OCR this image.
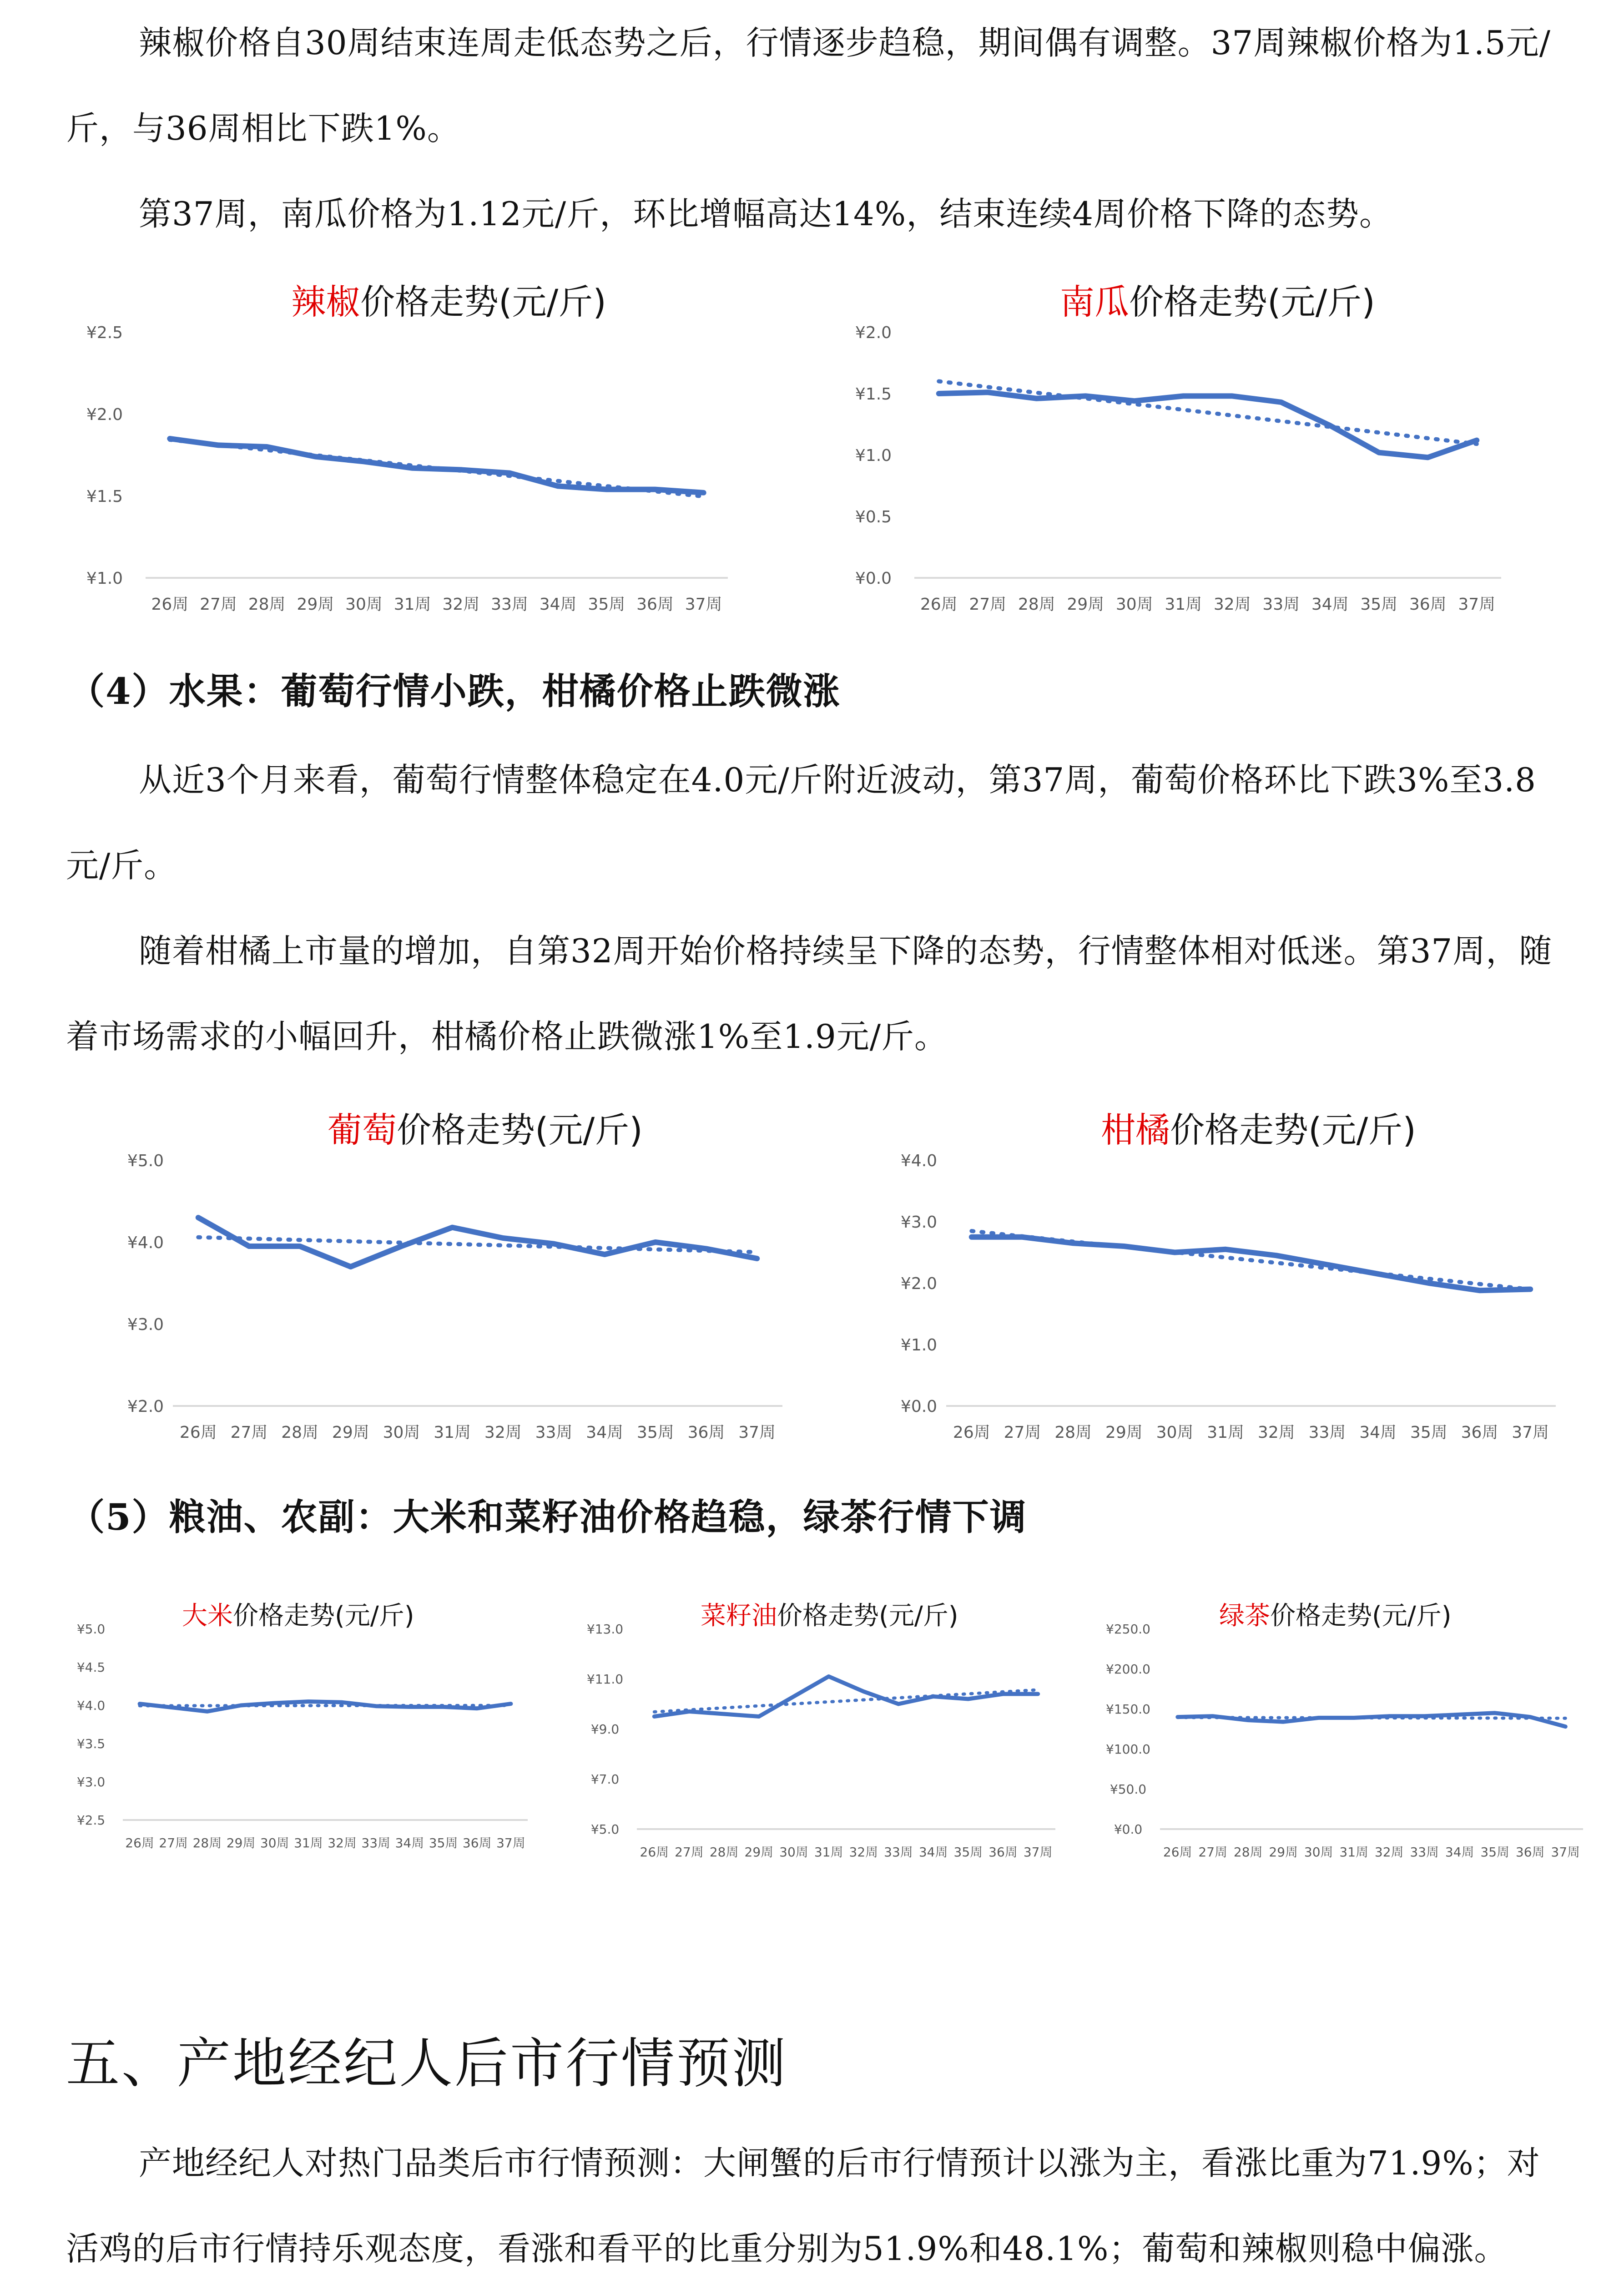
辣椒价格自30周结束连周走低态势之后，行情逐步趋稳，期间偶有调整。37周辣椒价格为1.5元/斤，与36周相比下跌1%。

第37周，南瓜价格为1.12元/斤，环比增幅高达14%，结束连续4周价格下降的态势。

辣椒价格走势(元/斤)
¥2.5
¥2.0
¥1.5
¥1.0
26周 27周 28周 29周 30周 31周 32周 33周 34周 35周 36周 37周
南瓜价格走势(元/斤)
¥2.0
¥1.5
¥1.0
¥0.5
¥0.0
26周 27周 28周 29周 30周 31周 32周 33周 34周 35周 36周 37周
（4）水果：葡萄行情小跌，柑橘价格止跌微涨

从近3个月来看，葡萄行情整体稳定在4.0元/斤附近波动，第37周，葡萄价格环比下跌3%至3.8元/斤。

随着柑橘上市量的增加，自第32周开始价格持续呈下降的态势，行情整体相对低迷。第37周，随着市场需求的小幅回升，柑橘价格止跌微涨1%至1.9元/斤。

葡萄价格走势(元/斤)
¥5.0
¥4.0
¥3.0
¥2.0
26周 27周 28周 29周 30周 31周 32周 33周 34周 35周 36周 37周
柑橘价格走势(元/斤)
¥4.0
¥3.0
¥2.0
¥1.0
¥0.0
26周 27周 28周 29周 30周 31周 32周 33周 34周 35周 36周 37周
（5）粮油、农副：大米和菜籽油价格趋稳，绿茶行情下调
大米价格走势(元/斤)
¥5.0
¥4.5
¥4.0
¥3.5
¥3.0
¥2.5
26周 27周 28周 29周 30周 31周 32周 33周 34周 35周 36周 37周
菜籽油价格走势(元/斤)
¥13.0
¥11.0
¥9.0
¥7.0
¥5.0
26周 27周 28周 29周 30周 31周 32周 33周 34周 35周 36周 37周
绿茶价格走势(元/斤)
¥250.0
¥200.0
¥150.0
¥100.0
¥50.0
¥0.0
26周 27周 28周 29周 30周 31周 32周 33周 34周 35周 36周 37周
五、产地经纪人后市行情预测

产地经纪人对热门品类后市行情预测：大闸蟹的后市行情预计以涨为主，看涨比重为71.9%；对活鸡的后市行情持乐观态度，看涨和看平的比重分别为51.9%和48.1%；葡萄和辣椒则稳中偏涨。
